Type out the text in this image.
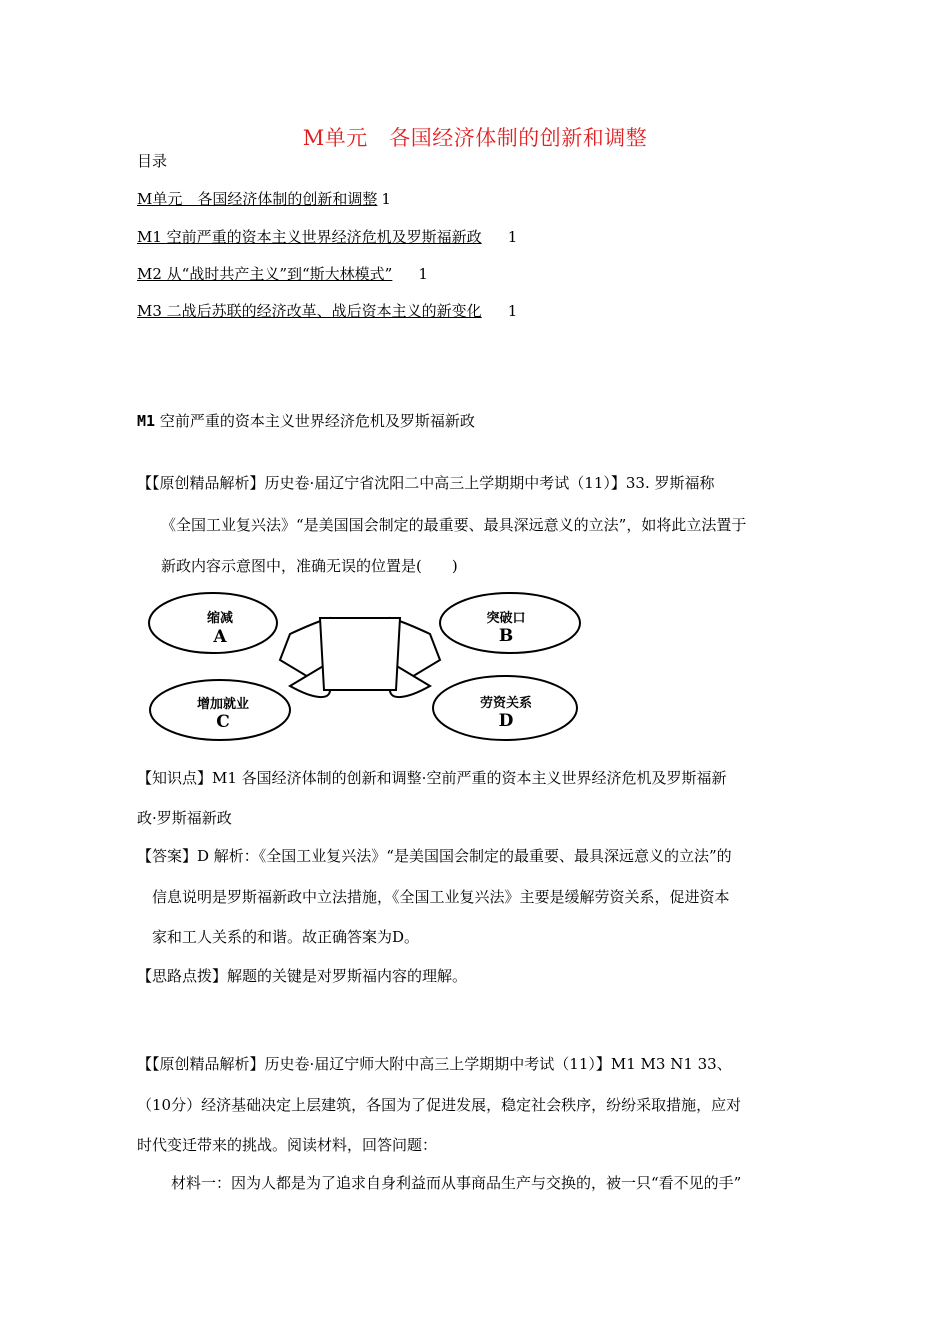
M单元　各国经济体制的创新和调整
目录
M单元　各国经济体制的创新和调整 1
M1 空前严重的资本主义世界经济危机及罗斯福新政 1
M2 从“战时共产主义”到“斯大林模式” 1
M3 二战后苏联的经济改革、战后资本主义的新变化 1
M1 空前严重的资本主义世界经济危机及罗斯福新政
【【原创精品解析】历史卷·届辽宁省沈阳二中高三上学期期中考试（11）】33. 罗斯福称
《全国工业复兴法》“是美国国会制定的最重要、最具深远意义的立法”，如将此立法置于
新政内容示意图中，准确无误的位置是(　　)
缩减
A
突破口
B
增加就业
C
劳资关系
D
【知识点】M1 各国经济体制的创新和调整·空前严重的资本主义世界经济危机及罗斯福新
政·罗斯福新政
【答案】D 解析：《全国工业复兴法》“是美国国会制定的最重要、最具深远意义的立法”的
信息说明是罗斯福新政中立法措施，《全国工业复兴法》主要是缓解劳资关系，促进资本
家和工人关系的和谐。故正确答案为D。
【思路点拨】解题的关键是对罗斯福内容的理解。
【【原创精品解析】历史卷·届辽宁师大附中高三上学期期中考试（11）】M1 M3 N1 33、
（10分）经济基础决定上层建筑，各国为了促进发展，稳定社会秩序，纷纷采取措施，应对
时代变迁带来的挑战。阅读材料，回答问题：
材料一：因为人都是为了追求自身利益而从事商品生产与交换的，被一只“看不见的手”
